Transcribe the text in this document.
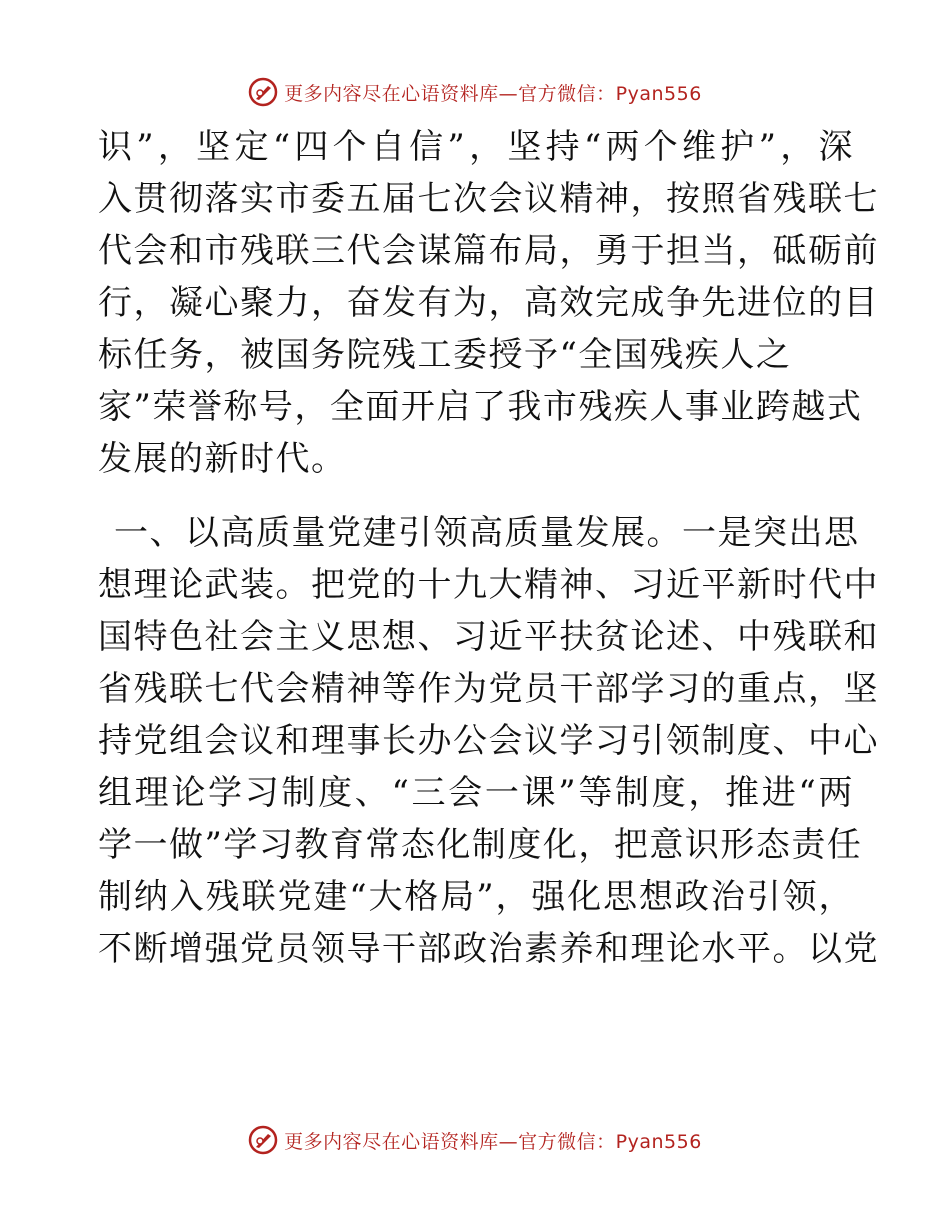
更多内容尽在心语资料库—官方微信：Pyan556
识”，坚定“四个自信”，坚持“两个维护”，深
入贯彻落实市委五届七次会议精神，按照省残联七
代会和市残联三代会谋篇布局，勇于担当，砥砺前
行，凝心聚力，奋发有为，高效完成争先进位的目
标任务，被国务院残工委授予“全国残疾人之
家”荣誉称号，全面开启了我市残疾人事业跨越式
发展的新时代。
一、以高质量党建引领高质量发展。一是突出思
想理论武装。把党的十九大精神、习近平新时代中
国特色社会主义思想、习近平扶贫论述、中残联和
省残联七代会精神等作为党员干部学习的重点，坚
持党组会议和理事长办公会议学习引领制度、中心
组理论学习制度、“三会一课”等制度，推进“两
学一做”学习教育常态化制度化，把意识形态责任
制纳入残联党建“大格局”，强化思想政治引领，
不断增强党员领导干部政治素养和理论水平。以党
更多内容尽在心语资料库—官方微信：Pyan556
